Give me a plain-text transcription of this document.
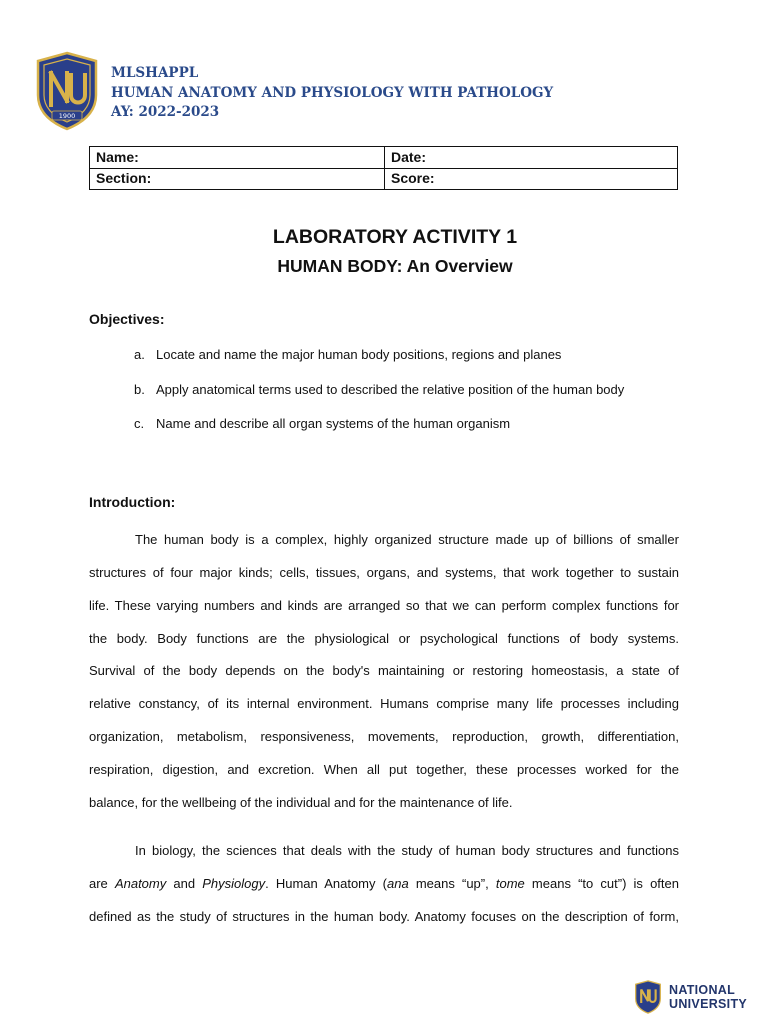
1900
MLSHAPPL
HUMAN ANATOMY AND PHYSIOLOGY WITH PATHOLOGY
AY: 2022-2023
Name:	Date:
Section:	Score:
LABORATORY ACTIVITY 1
HUMAN BODY: An Overview
Objectives:
a. Locate and name the major human body positions, regions and planes
b. Apply anatomical terms used to described the relative position of the human body
c. Name and describe all organ systems of the human organism
Introduction:
The human body is a complex, highly organized structure made up of billions of smaller
structures of four major kinds; cells, tissues, organs, and systems, that work together to sustain
life. These varying numbers and kinds are arranged so that we can perform complex functions for
the body. Body functions are the physiological or psychological functions of body systems.
Survival of the body depends on the body's maintaining or restoring homeostasis, a state of
relative constancy, of its internal environment. Humans comprise many life processes including
organization, metabolism, responsiveness, movements, reproduction, growth, differentiation,
respiration, digestion, and excretion. When all put together, these processes worked for the
balance, for the wellbeing of the individual and for the maintenance of life.
In biology, the sciences that deals with the study of human body structures and functions
are Anatomy and Physiology. Human Anatomy (ana means “up”, tome means “to cut”) is often
defined as the study of structures in the human body. Anatomy focuses on the description of form,
NATIONAL
UNIVERSITY
